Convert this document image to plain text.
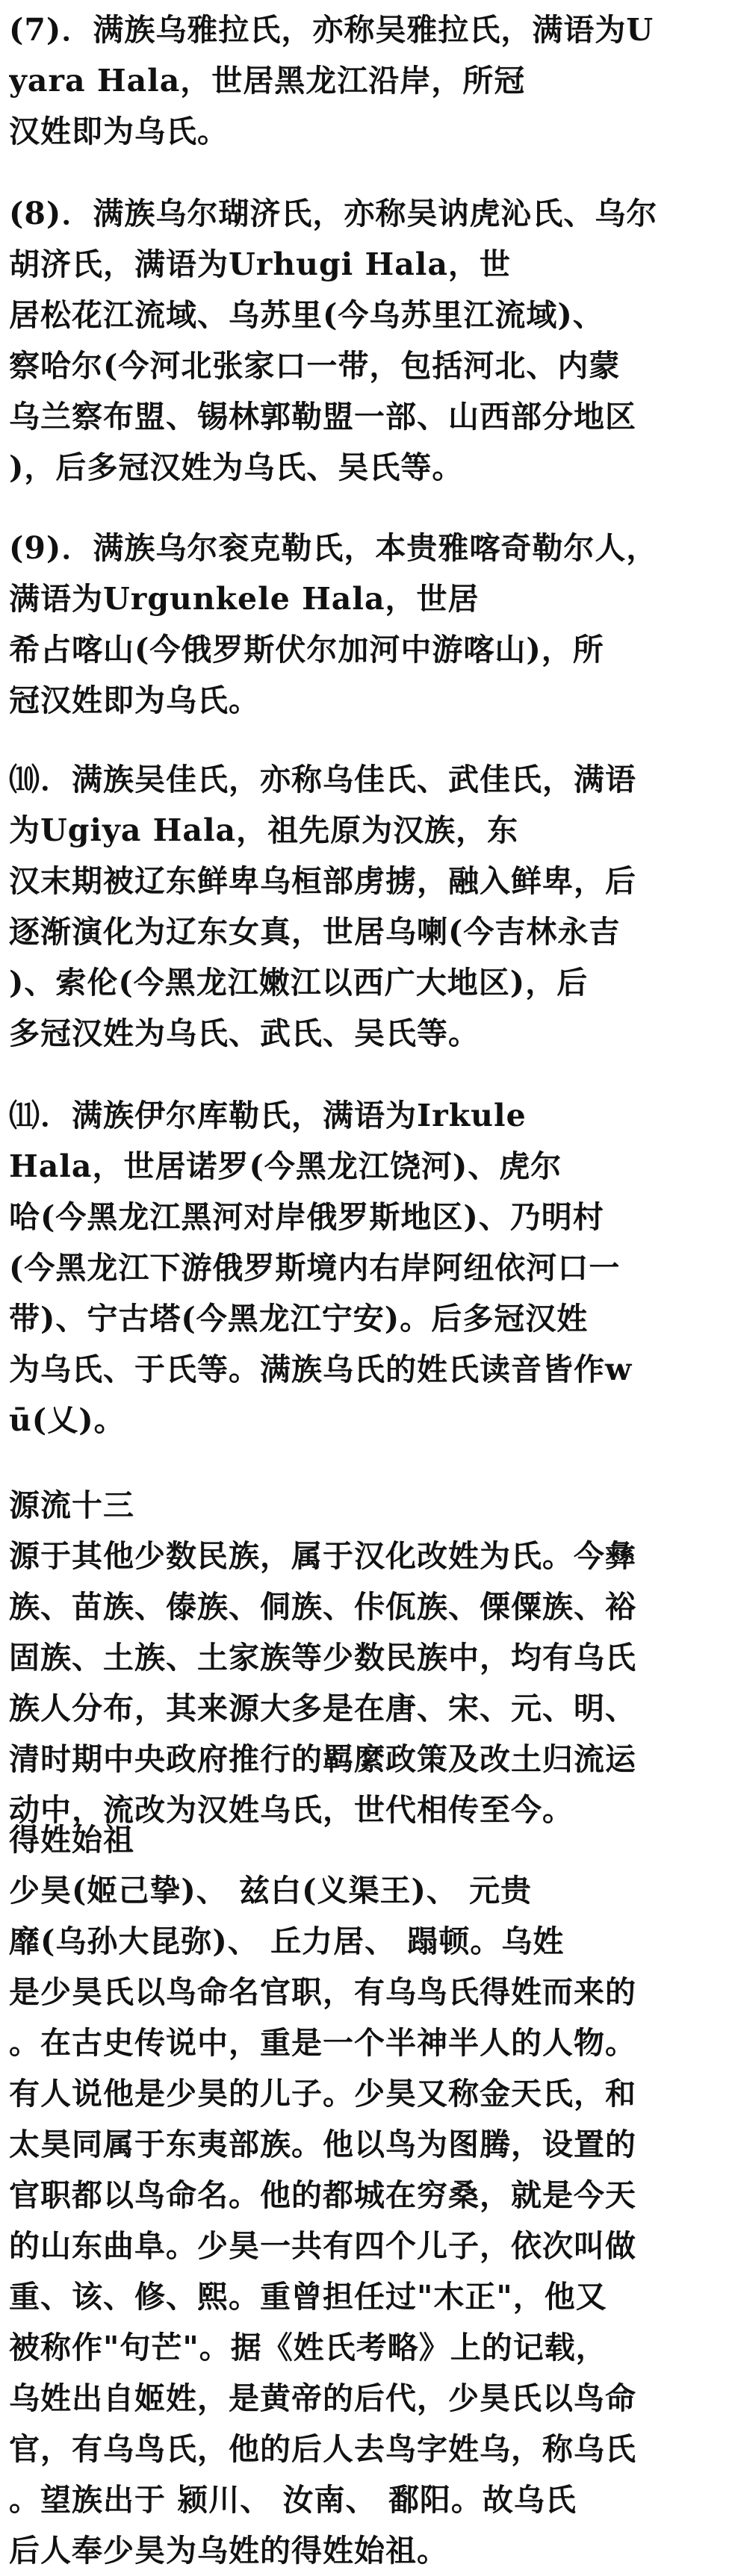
(7)．满族乌雅拉氏，亦称吴雅拉氏，满语为U
yara Hala，世居黑龙江沿岸，所冠
汉姓即为乌氏。
(8)．满族乌尔瑚济氏，亦称吴讷虎沁氏、乌尔
胡济氏，满语为Urhugi Hala，世
居松花江流域、乌苏里(今乌苏里江流域)、
察哈尔(今河北张家口一带，包括河北、内蒙
乌兰察布盟、锡林郭勒盟一部、山西部分地区
)，后多冠汉姓为乌氏、吴氏等。
(9)．满族乌尔衮克勒氏，本贵雅喀奇勒尔人，
满语为Urgunkele Hala，世居
希占喀山(今俄罗斯伏尔加河中游喀山)，所
冠汉姓即为乌氏。
⑽．满族吴佳氏，亦称乌佳氏、武佳氏，满语
为Ugiya Hala，祖先原为汉族，东
汉末期被辽东鲜卑乌桓部虏掳，融入鲜卑，后
逐渐演化为辽东女真，世居乌喇(今吉林永吉
)、索伦(今黑龙江嫩江以西广大地区)，后
多冠汉姓为乌氏、武氏、吴氏等。
⑾．满族伊尔库勒氏，满语为Irkule
Hala，世居诺罗(今黑龙江饶河)、虎尔
哈(今黑龙江黑河对岸俄罗斯地区)、乃明村
(今黑龙江下游俄罗斯境内右岸阿纽依河口一
带)、宁古塔(今黑龙江宁安)。后多冠汉姓
为乌氏、于氏等。满族乌氏的姓氏读音皆作w
ū(乂)。
源流十三
源于其他少数民族，属于汉化改姓为氏。今彝
族、苗族、傣族、侗族、佧佤族、傈僳族、裕
固族、土族、土家族等少数民族中，均有乌氏
族人分布，其来源大多是在唐、宋、元、明、
清时期中央政府推行的羁縻政策及改土归流运
动中，流改为汉姓乌氏，世代相传至今。
得姓始祖
少昊(姬己挚)、 兹白(义渠王)、 元贵
靡(乌孙大昆弥)、 丘力居、 蹋顿。乌姓
是少昊氏以鸟命名官职，有乌鸟氏得姓而来的
。在古史传说中，重是一个半神半人的人物。
有人说他是少昊的儿子。少昊又称金天氏，和
太昊同属于东夷部族。他以鸟为图腾，设置的
官职都以鸟命名。他的都城在穷桑，就是今天
的山东曲阜。少昊一共有四个儿子，依次叫做
重、该、修、熙。重曾担任过"木正"，他又
被称作"句芒"。据《姓氏考略》上的记载，
乌姓出自姬姓，是黄帝的后代，少昊氏以鸟命
官，有乌鸟氏，他的后人去鸟字姓乌，称乌氏
。望族出于 颍川、 汝南、 鄱阳。故乌氏
后人奉少昊为乌姓的得姓始祖。
